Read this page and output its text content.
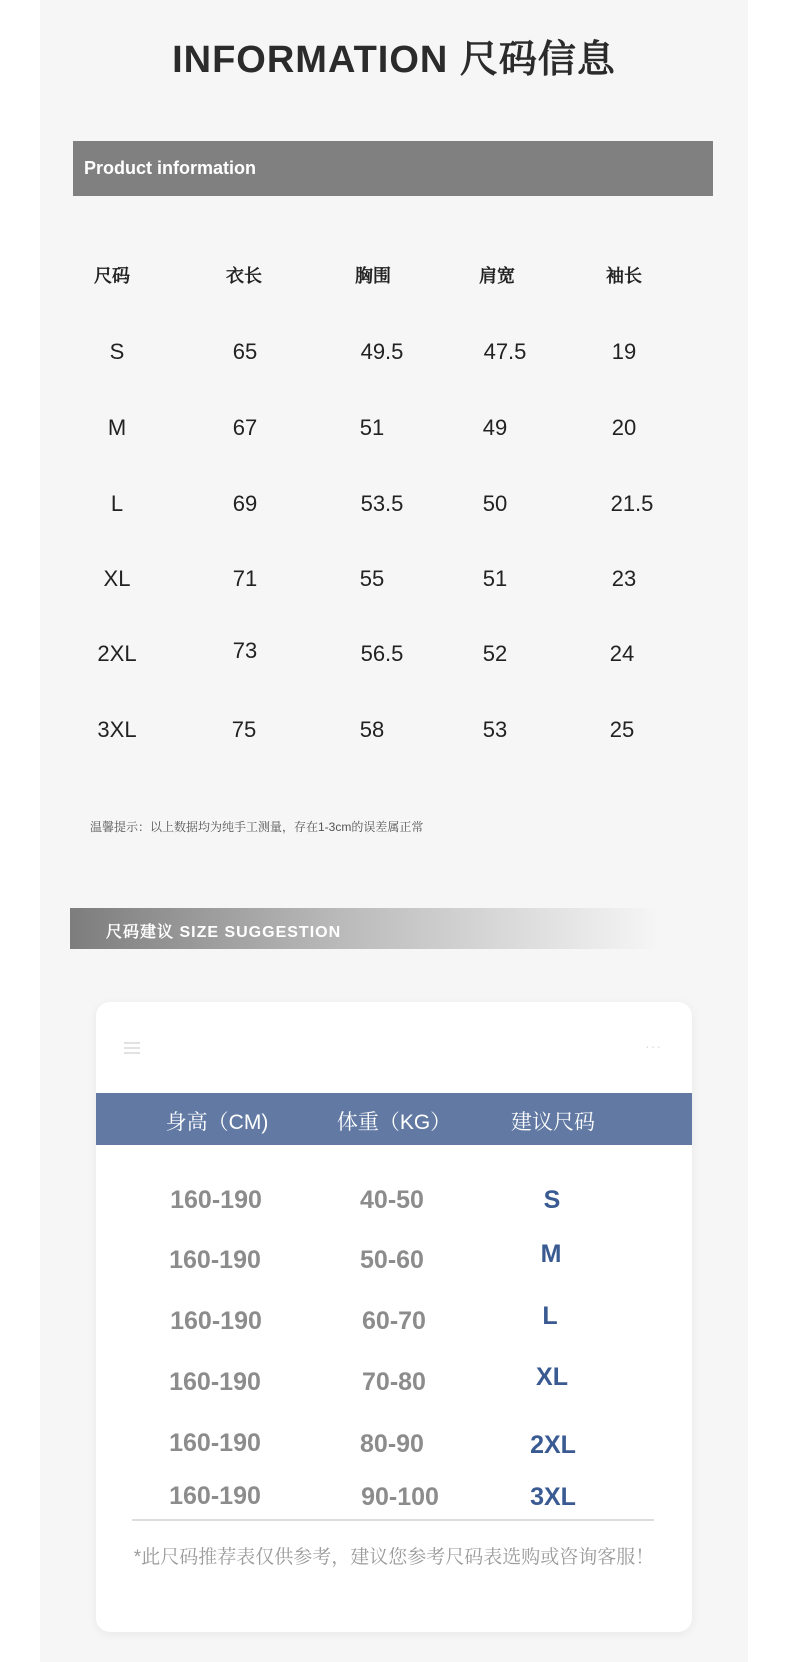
INFORMATION 尺码信息
Product information
尺码	衣长	胸围	肩宽	袖长
S	65	49.5	47.5	19
M	67	51	49	20
L	69	53.5	50	21.5
XL	71	55	51	23
2XL	73	56.5	52	24
3XL	75	58	53	25
温馨提示：以上数据均为纯手工测量，存在1-3cm的误差属正常
尺码建议 SIZE SUGGESTION
···
身高（CM)	体重（KG）	建议尺码
160-190	40-50	S
160-190	50-60	M
160-190	60-70	L
160-190	70-80	XL
160-190	80-90	2XL
160-190	90-100	3XL
*此尺码推荐表仅供参考，建议您参考尺码表选购或咨询客服！
